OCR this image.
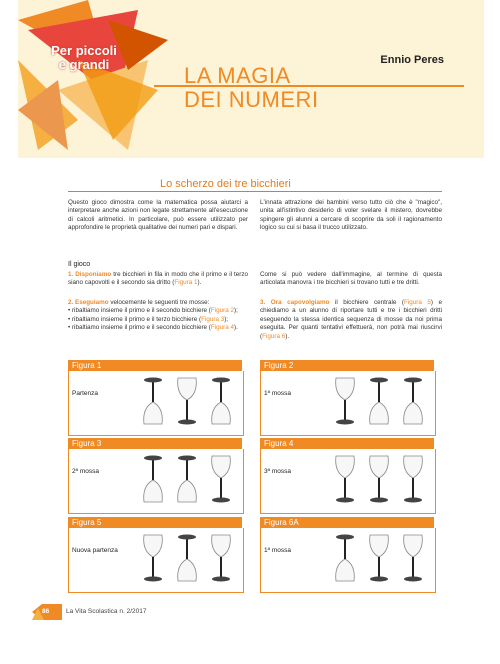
Per piccoli
e grandi	Ennio Peres
LA MAGIA
DEI NUMERI
Lo scherzo dei tre bicchieri
Questo gioco dimostra come la matematica possa aiutarci a interpretare anche azioni non legate strettamente all'esecuzione di calcoli aritmetici. In particolare, può essere utilizzato per approfondire le proprietà qualitative dei numeri pari e dispari.
L'innata attrazione dei bambini verso tutto ciò che è "magico", unita all'istintivo desiderio di voler svelare il mistero, dovrebbe spingere gli alunni a cercare di scoprire da soli il ragionamento logico su cui si basa il trucco utilizzato.
Il gioco
1. Disponiamo tre bicchieri in fila in modo che il primo e il terzo siano capovolti e il secondo sia dritto (Figura 1).
Come si può vedere dall'immagine, al termine di questa articolata manovra i tre bicchieri si trovano tutti e tre dritti.
2. Eseguiamo velocemente le seguenti tre mosse:
• ribaltiamo insieme il primo e il secondo bicchiere (Figura 2);
• ribaltiamo insieme il primo e il terzo bicchiere (Figura 3);
• ribaltiamo insieme il primo e il secondo bicchiere (Figura 4).
3. Ora capovolgiamo il bicchiere centrale (Figura 5) e chiediamo a un alunno di riportare tutti e tre i bicchieri dritti eseguendo la stessa identica sequenza di mosse da noi prima eseguita. Per quanti tentativi effettuerà, non potrà mai riuscirvi (Figura 6).
Figura 1
Partenza
Figura 2
1ª mossa
Figura 3
2ª mossa
Figura 4
3ª mossa
Figura 5
Nuova partenza
Figura 6A
1ª mossa
86	La Vita Scolastica n. 2/2017
